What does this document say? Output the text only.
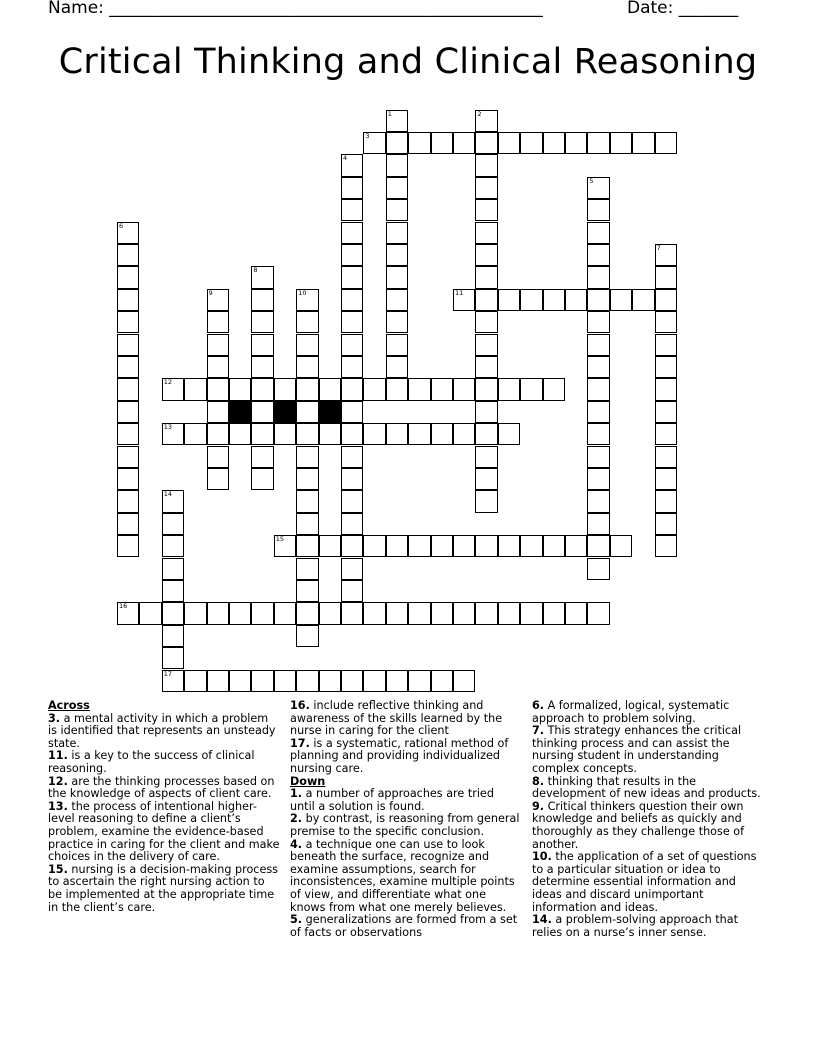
Name: ___________________________________________________	Date: _______
Critical Thinking and Clinical Reasoning
1	2
3
4
5
6
7
8
9	10	11
12
13
14
17
15
16
Across
3. a mental activity in which a problem is identified that represents an unsteady state.
11. is a key to the success of clinical reasoning.
12. are the thinking processes based on the knowledge of aspects of client care.
13. the process of intentional higher-level reasoning to define a client’s problem, examine the evidence-based practice in caring for the client and make choices in the delivery of care.
15. nursing is a decision-making process to ascertain the right nursing action to be implemented at the appropriate time in the client’s care.
16. include reflective thinking and awareness of the skills learned by the nurse in caring for the client
17. is a systematic, rational method of planning and providing individualized nursing care.
Down
1. a number of approaches are tried until a solution is found.
2. by contrast, is reasoning from general premise to the specific conclusion.
4. a technique one can use to look beneath the surface, recognize and examine assumptions, search for inconsistences, examine multiple points of view, and differentiate what one knows from what one merely believes.
5. generalizations are formed from a set of facts or observations
6. A formalized, logical, systematic approach to problem solving.
7. This strategy enhances the critical thinking process and can assist the nursing student in understanding complex concepts.
8. thinking that results in the development of new ideas and products.
9. Critical thinkers question their own knowledge and beliefs as quickly and thoroughly as they challenge those of another.
10. the application of a set of questions to a particular situation or idea to determine essential information and ideas and discard unimportant information and ideas.
14. a problem-solving approach that relies on a nurse’s inner sense.
